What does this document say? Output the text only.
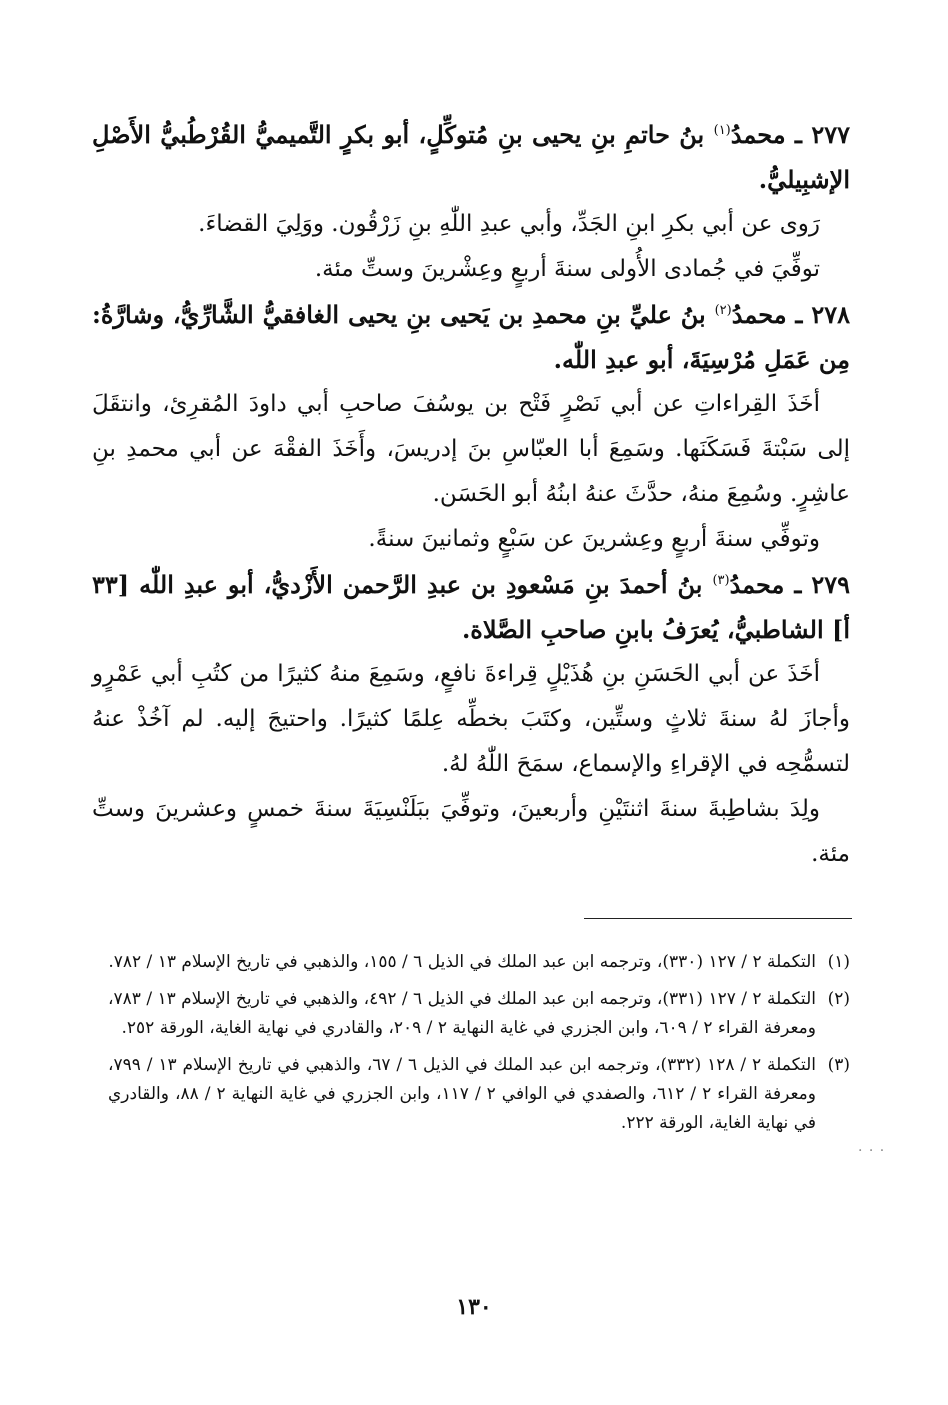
٢٧٧ ـ محمدُ$^{(١)}$ بنُ حاتمِ بنِ يحيى بنِ مُتوكِّلٍ، أبو بكرٍ التَّميميُّ القُرْطُبيُّ الأَصْلِ الإشبِيليُّ.

رَوى عن أبي بكرِ ابنِ الجَدِّ، وأبي عبدِ اللّٰهِ بنِ زَرْقُون. ووَلِيَ القضاءَ.

توفِّيَ في جُمادى الأُولى سنةَ أربعٍ وعِشْرينَ وستِّ مئة.

٢٧٨ ـ محمدُ$^{(٢)}$ بنُ عليِّ بنِ محمدِ بن يَحيى بنِ يحيى الغافقيُّ الشَّارِّيُّ، وشارَّةُ: مِن عَمَلِ مُرْسِيَةَ، أبو عبدِ اللّٰه.

أخَذَ القِراءاتِ عن أبي نَصْرٍ فَتْح بن يوسُفَ صاحبِ أبي داودَ المُقرِئ، وانتقَلَ إلى سَبْتةَ فَسَكَنَها. وسَمِعَ أبا العبّاسِ بنَ إدريسَ، وأَخَذَ الفقْهَ عن أبي محمدِ بنِ عاشِرٍ. وسُمِعَ منهُ، حدَّثَ عنهُ ابنُهُ أبو الحَسَن.

وتوفِّي سنةَ أربعٍ وعِشرينَ عن سَبْعٍ وثمانينَ سنةً.

٢٧٩ ـ محمدُ$^{(٣)}$ بنُ أحمدَ بنِ مَسْعودِ بن عبدِ الرَّحمن الأَزْديُّ، أبو عبدِ اللّٰه [٣٣ أ] الشاطبيُّ، يُعرَفُ بابنِ صاحبِ الصَّلاة.

أخَذَ عن أبي الحَسَنِ بنِ هُذَيْلٍ قِراءةَ نافعٍ، وسَمِعَ منهُ كثيرًا من كتُبِ أبي عَمْرٍو وأجازَ لهُ سنةَ ثلاثٍ وستِّين، وكتَبَ بخطِّه عِلمًا كثيرًا. واحتيجَ إليه. لم آخُذْ عنهُ لتسمُّحِه في الإقراءِ والإسماع، سمَحَ اللّٰهُ لهُ.

ولِدَ بشاطِبةَ سنةَ اثنتَيْنِ وأربعينَ، وتوفِّيَ ببَلَنْسِيَةَ سنةَ خمسٍ وعشرينَ وستِّ مئة.

(١)
التكملة ٢ / ١٢٧ (٣٣٠)، وترجمه ابن عبد الملك في الذيل ٦ / ١٥٥، والذهبي في تاريخ الإسلام ١٣ / ٧٨٢.
(٢)
التكملة ٢ / ١٢٧ (٣٣١)، وترجمه ابن عبد الملك في الذيل ٦ / ٤٩٢، والذهبي في تاريخ الإسلام ١٣ / ٧٨٣، ومعرفة القراء ٢ / ٦٠٩، وابن الجزري في غاية النهاية ٢ / ٢٠٩، والقادري في نهاية الغاية، الورقة ٢٥٢.
(٣)
التكملة ٢ / ١٢٨ (٣٣٢)، وترجمه ابن عبد الملك في الذيل ٦ / ٦٧، والذهبي في تاريخ الإسلام ١٣ / ٧٩٩، ومعرفة القراء ٢ / ٦١٢، والصفدي في الوافي ٢ / ١١٧، وابن الجزري في غاية النهاية ٢ / ٨٨، والقادري في نهاية الغاية، الورقة ٢٢٢.
· · ·
١٣٠
